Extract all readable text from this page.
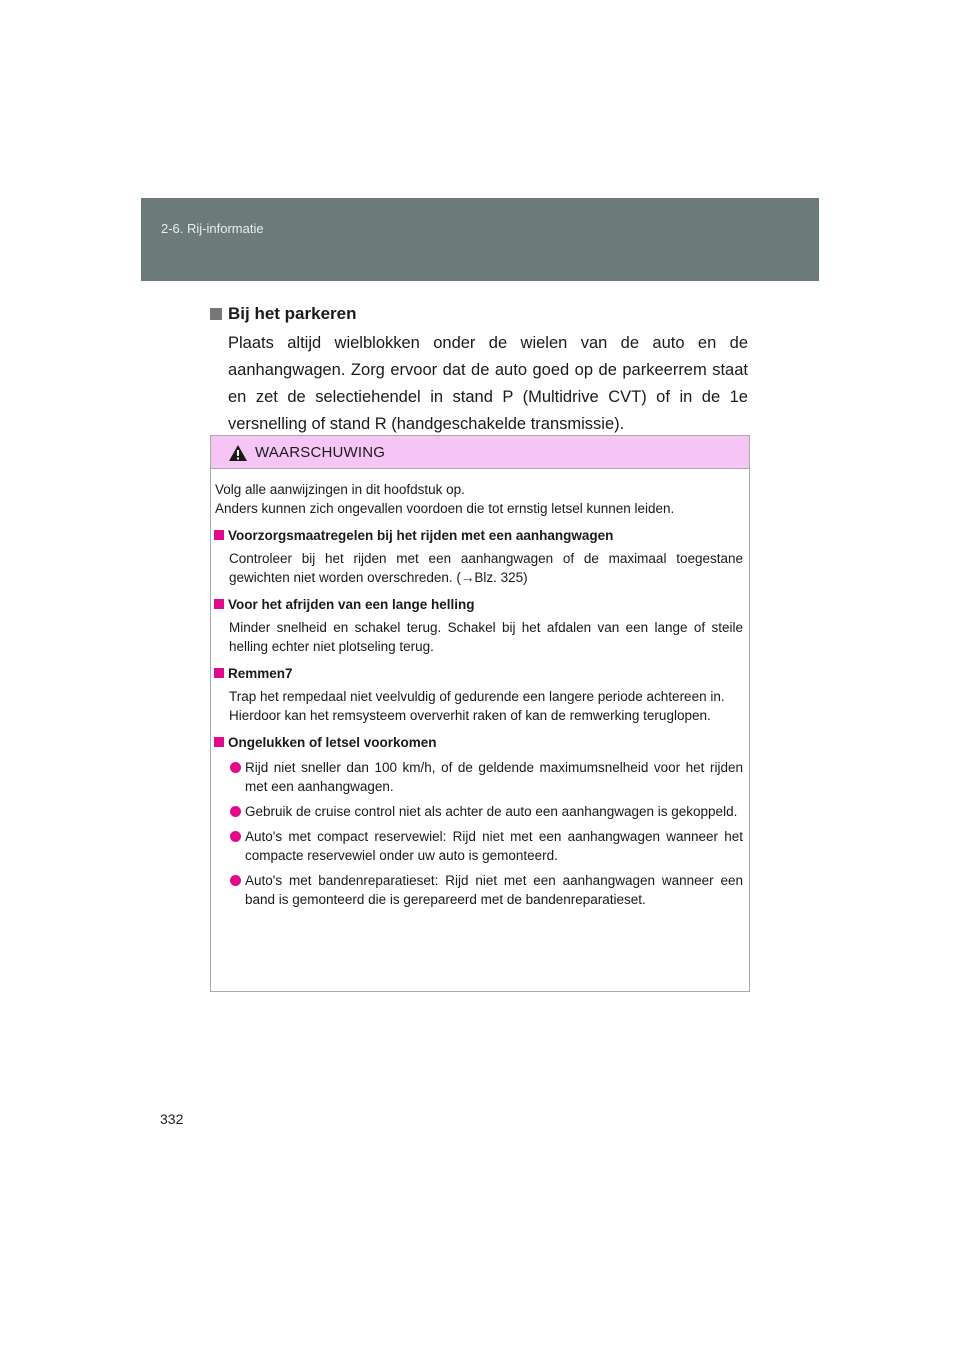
2-6. Rij-informatie
Bij het parkeren

Plaats altijd wielblokken onder de wielen van de auto en de aanhangwagen. Zorg ervoor dat de auto goed op de parkeerrem staat en zet de selectiehendel in stand P (Multidrive CVT) of in de 1e versnelling of stand R (handgeschakelde transmissie).

WAARSCHUWING

Volg alle aanwijzingen in dit hoofdstuk op.

Anders kunnen zich ongevallen voordoen die tot ernstig letsel kunnen leiden.

Voorzorgsmaatregelen bij het rijden met een aanhangwagen

Controleer bij het rijden met een aanhangwagen of de maximaal toegestane gewichten niet worden overschreden. (→Blz. 325)

Voor het afrijden van een lange helling

Minder snelheid en schakel terug. Schakel bij het afdalen van een lange of steile helling echter niet plotseling terug.

Remmen7

Trap het rempedaal niet veelvuldig of gedurende een langere periode achtereen in.

Hierdoor kan het remsysteem oververhit raken of kan de remwerking teruglopen.

Ongelukken of letsel voorkomen
Rijd niet sneller dan 100 km/h, of de geldende maximumsnelheid voor het rijden met een aanhangwagen.
Gebruik de cruise control niet als achter de auto een aanhangwagen is gekoppeld.
Auto's met compact reservewiel: Rijd niet met een aanhangwagen wanneer het compacte reservewiel onder uw auto is gemonteerd.
Auto's met bandenreparatieset: Rijd niet met een aanhangwagen wanneer een band is gemonteerd die is gerepareerd met de bandenreparatieset.
332
